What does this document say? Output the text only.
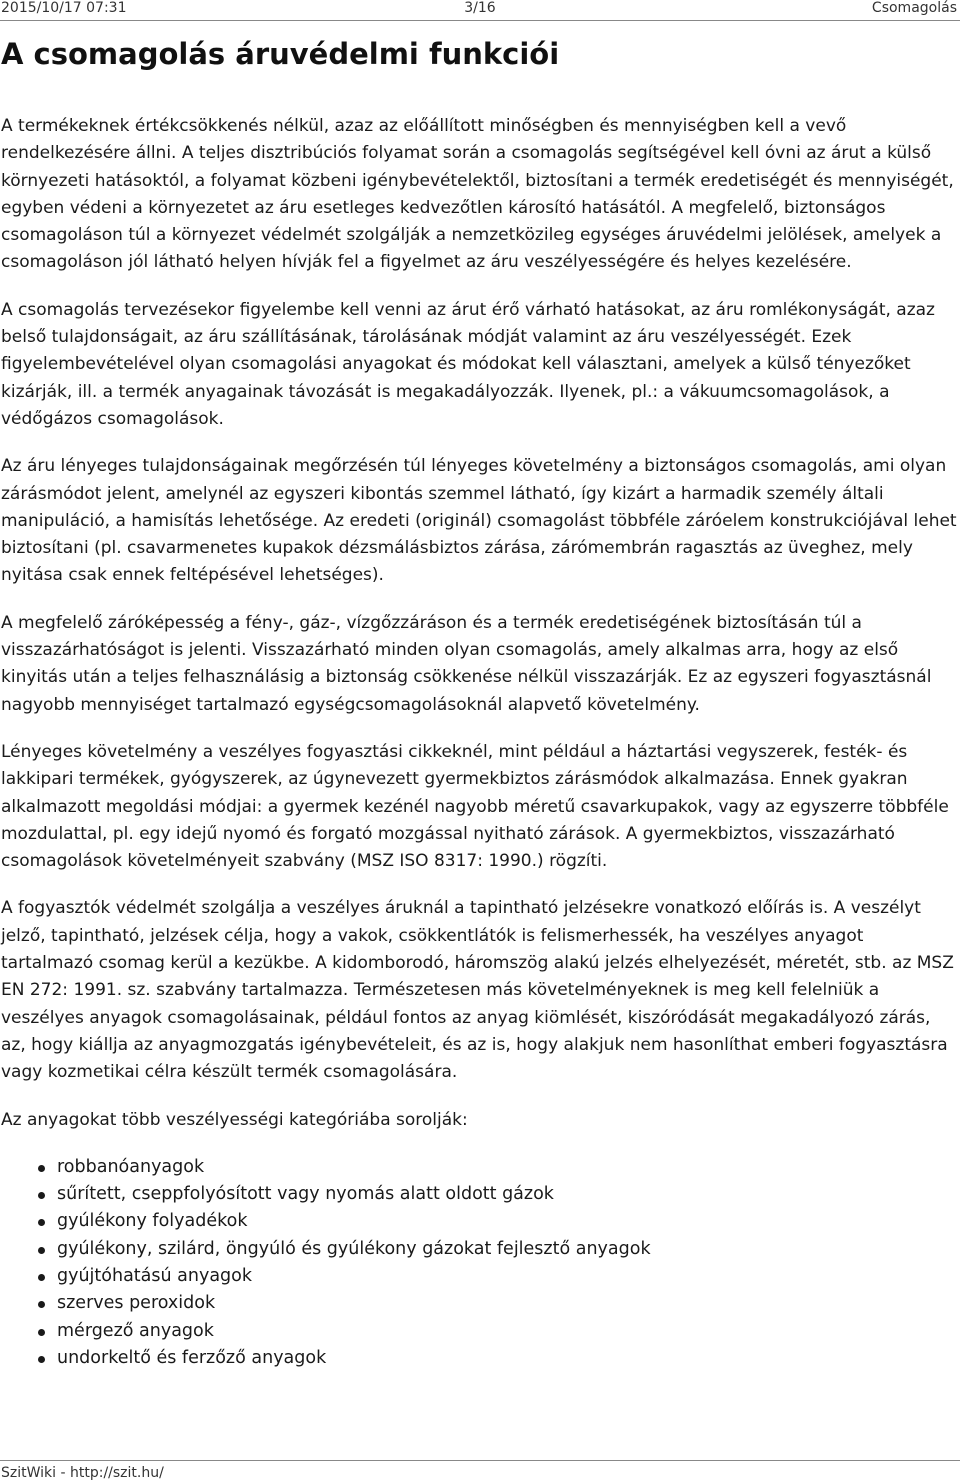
2015/10/17 07:31	3/16	Csomagolás
A csomagolás áruvédelmi funkciói

A termékeknek értékcsökkenés nélkül, azaz az előállított minőségben és mennyiségben kell a vevő rendelkezésére állni. A teljes disztribúciós folyamat során a csomagolás segítségével kell óvni az árut a külső környezeti hatásoktól, a folyamat közbeni igénybevételektől, biztosítani a termék eredetiségét és mennyiségét, egyben védeni a környezetet az áru esetleges kedvezőtlen károsító hatásától. A megfelelő, biztonságos csomagoláson túl a környezet védelmét szolgálják a nemzetközileg egységes áruvédelmi jelölések, amelyek a csomagoláson jól látható helyen hívják fel a figyelmet az áru veszélyességére és helyes kezelésére.

A csomagolás tervezésekor figyelembe kell venni az árut érő várható hatásokat, az áru romlékonyságát, azaz belső tulajdonságait, az áru szállításának, tárolásának módját valamint az áru veszélyességét. Ezek figyelembevételével olyan csomagolási anyagokat és módokat kell választani, amelyek a külső tényezőket kizárják, ill. a termék anyagainak távozását is megakadályozzák. Ilyenek, pl.: a vákuumcsomagolások, a védőgázos csomagolások.

Az áru lényeges tulajdonságainak megőrzésén túl lényeges követelmény a biztonságos csomagolás, ami olyan zárásmódot jelent, amelynél az egyszeri kibontás szemmel látható, így kizárt a harmadik személy általi manipuláció, a hamisítás lehetősége. Az eredeti (originál) csomagolást többféle záróelem konstrukciójával lehet biztosítani (pl. csavarmenetes kupakok dézsmálásbiztos zárása, zárómembrán ragasztás az üveghez, mely nyitása csak ennek feltépésével lehetséges).

A megfelelő záróképesség a fény-, gáz-, vízgőzzáráson és a termék eredetiségének biztosításán túl a visszazárhatóságot is jelenti. Visszazárható minden olyan csomagolás, amely alkalmas arra, hogy az első kinyitás után a teljes felhasználásig a biztonság csökkenése nélkül visszazárják. Ez az egyszeri fogyasztásnál nagyobb mennyiséget tartalmazó egységcsomagolásoknál alapvető követelmény.

Lényeges követelmény a veszélyes fogyasztási cikkeknél, mint például a háztartási vegyszerek, festék- és lakkipari termékek, gyógyszerek, az úgynevezett gyermekbiztos zárásmódok alkalmazása. Ennek gyakran alkalmazott megoldási módjai: a gyermek kezénél nagyobb méretű csavarkupakok, vagy az egyszerre többféle mozdulattal, pl. egy idejű nyomó és forgató mozgással nyitható zárások. A gyermekbiztos, visszazárható csomagolások követelményeit szabvány (MSZ ISO 8317: 1990.) rögzíti.

A fogyasztók védelmét szolgálja a veszélyes áruknál a tapintható jelzésekre vonatkozó előírás is. A veszélyt jelző, tapintható, jelzések célja, hogy a vakok, csökkentlátók is felismerhessék, ha veszélyes anyagot tartalmazó csomag kerül a kezükbe. A kidomborodó, háromszög alakú jelzés elhelyezését, méretét, stb. az MSZ EN 272: 1991. sz. szabvány tartalmazza. Természetesen más követelményeknek is meg kell felelniük a veszélyes anyagok csomagolásainak, például fontos az anyag kiömlését, kiszóródását megakadályozó zárás, az, hogy kiállja az anyagmozgatás igénybevételeit, és az is, hogy alakjuk nem hasonlíthat emberi fogyasztásra vagy kozmetikai célra készült termék csomagolására.

Az anyagokat több veszélyességi kategóriába sorolják:

robbanóanyagok
sűrített, cseppfolyósított vagy nyomás alatt oldott gázok
gyúlékony folyadékok
gyúlékony, szilárd, öngyúló és gyúlékony gázokat fejlesztő anyagok
gyújtóhatású anyagok
szerves peroxidok
mérgező anyagok
undorkeltő és ferzőző anyagok
SzitWiki - http://szit.hu/
